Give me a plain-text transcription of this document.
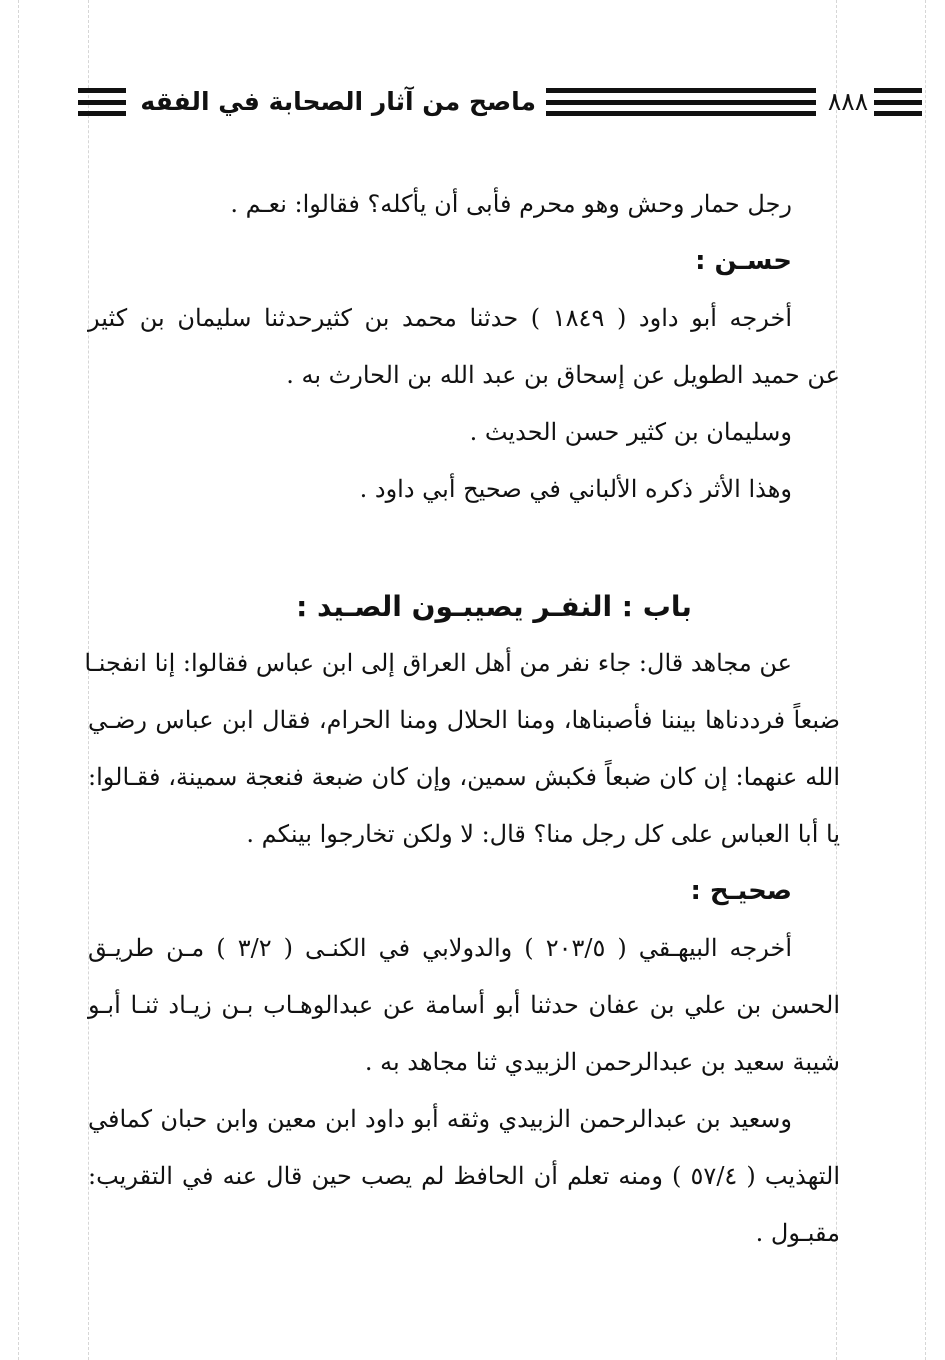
ماصح من آثار الصحابة في الفقه	٨٨٨
رجل حمار وحش وهو محرم فأبى أن يأكله؟ فقالوا: نعـم .
حسـن :
أخرجه أبو داود ( ١٨٤٩ ) حدثنا محمد بن كثيرحدثنا سليمان بن كثير
عن حميد الطويل عن إسحاق بن عبد الله بن الحارث به .
وسليمان بن كثير حسن الحديث .
وهذا الأثر ذكره الألباني في صحيح أبي داود .
باب : النفـر يصيبـون الصـيد :
عن مجاهد قال: جاء نفر من أهل العراق إلى ابن عباس فقالوا: إنا انفجنـا
ضبعاً فرددناها بيننا فأصبناها، ومنا الحلال ومنا الحرام، فقال ابن عباس رضـي
الله عنهما: إن كان ضبعاً فكبش سمين، وإن كان ضبعة فنعجة سمينة، فقـالوا:
يا أبا العباس على كل رجل منا؟ قال: لا ولكن تخارجوا بينكم .
صحيـح :
أخرجه البيهـقي ( ٢٠٣/٥ ) والدولابي في الكنـى ( ٣/٢ ) مـن طريـق
الحسن بن علي بن عفان حدثنا أبو أسامة عن عبدالوهـاب بـن زيـاد ثنـا أبـو
شيبة سعيد بن عبدالرحمن الزبيدي ثنا مجاهد به .
وسعيد بن عبدالرحمن الزبيدي وثقه أبو داود ابن معين وابن حبان كمافي
التهذيب ( ٥٧/٤ ) ومنه تعلم أن الحافظ لم يصب حين قال عنه في التقريب:
مقبـول .
